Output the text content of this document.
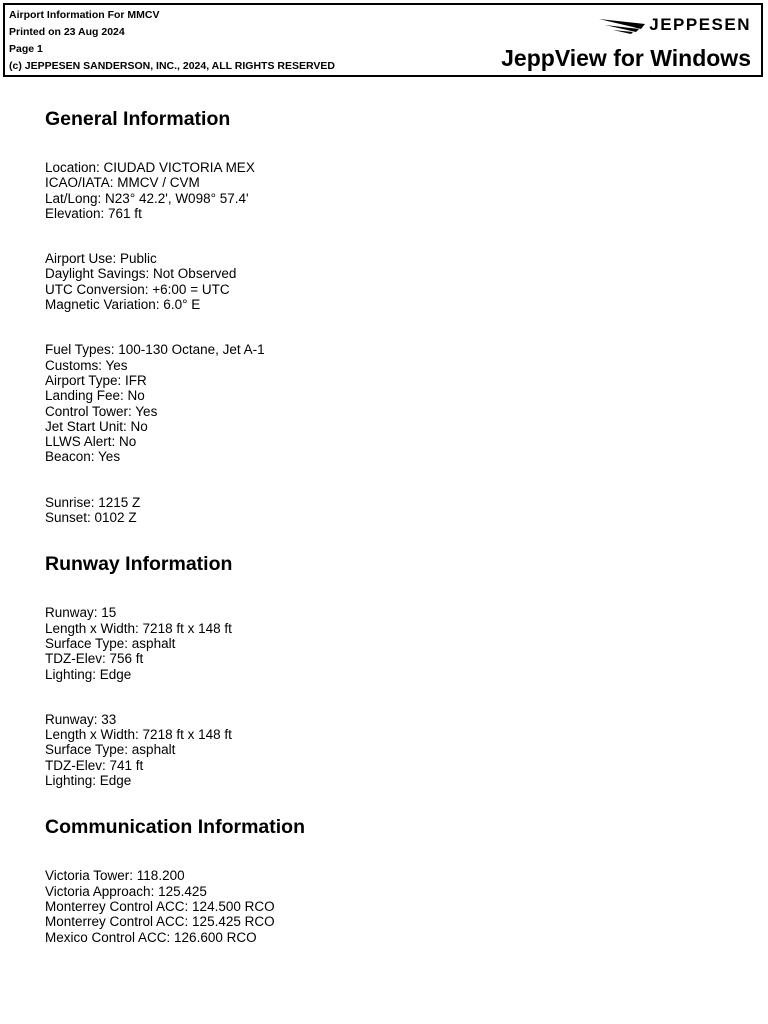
Airport Information For MMCV
Printed on 23 Aug 2024
Page 1
(c) JEPPESEN SANDERSON, INC., 2024, ALL RIGHTS RESERVED
JEPPESEN
JeppView for Windows
General Information
Location: CIUDAD VICTORIA MEX
ICAO/IATA: MMCV / CVM
Lat/Long: N23° 42.2', W098° 57.4'
Elevation: 761 ft
Airport Use: Public
Daylight Savings: Not Observed
UTC Conversion: +6:00 = UTC
Magnetic Variation: 6.0° E
Fuel Types: 100-130 Octane, Jet A-1
Customs: Yes
Airport Type: IFR
Landing Fee: No
Control Tower: Yes
Jet Start Unit: No
LLWS Alert: No
Beacon: Yes
Sunrise: 1215 Z
Sunset: 0102 Z
Runway Information
Runway: 15
Length x Width: 7218 ft x 148 ft
Surface Type: asphalt
TDZ-Elev: 756 ft
Lighting: Edge
Runway: 33
Length x Width: 7218 ft x 148 ft
Surface Type: asphalt
TDZ-Elev: 741 ft
Lighting: Edge
Communication Information
Victoria Tower: 118.200
Victoria Approach: 125.425
Monterrey Control ACC: 124.500 RCO
Monterrey Control ACC: 125.425 RCO
Mexico Control ACC: 126.600 RCO
